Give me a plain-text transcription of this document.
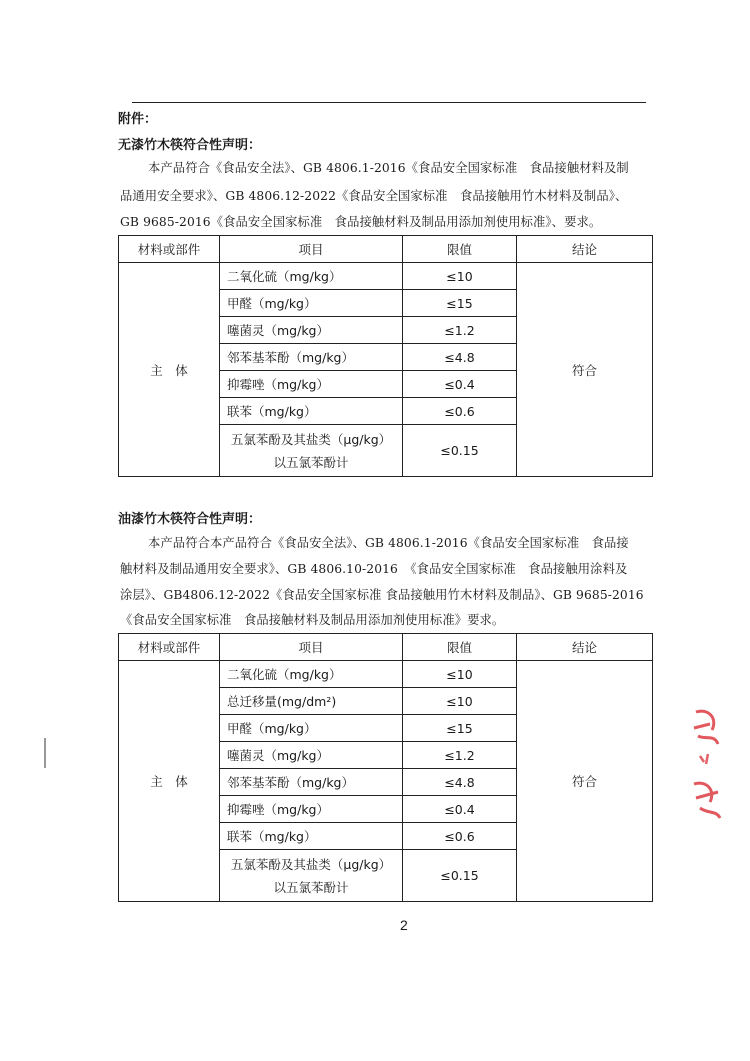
附件：
无漆竹木筷符合性声明：
本产品符合《食品安全法》、GB 4806.1-2016《食品安全国家标准　食品接触材料及制
品通用安全要求》、GB 4806.12-2022《食品安全国家标准　食品接触用竹木材料及制品》、
GB 9685-2016《食品安全国家标准　食品接触材料及制品用添加剂使用标准》、要求。
材料或部件	项目	限值	结论
主　体	二氧化硫（mg/kg）	≤10	符合
	甲醛（mg/kg）	≤15	
	噻菌灵（mg/kg）	≤1.2	
	邻苯基苯酚（mg/kg）	≤4.8	
	抑霉唑（mg/kg）	≤0.4	
	联苯（mg/kg）	≤0.6	

	五氯苯酚及其盐类（μg/kg）
以五氯苯酚计	≤0.15	
油漆竹木筷符合性声明：
本产品符合本产品符合《食品安全法》、GB 4806.1-2016《食品安全国家标准　食品接
触材料及制品通用安全要求》、GB 4806.10-2016　《食品安全国家标准　食品接触用涂料及
涂层》、GB4806.12-2022《食品安全国家标准 食品接触用竹木材料及制品》、GB 9685-2016
《食品安全国家标准　食品接触材料及制品用添加剂使用标准》要求。
材料或部件	项目	限值	结论
主　体	二氧化硫（mg/kg）	≤10	符合
	总迁移量(mg/dm²)	≤10	
	甲醛（mg/kg）	≤15	
	噻菌灵（mg/kg）	≤1.2	
	邻苯基苯酚（mg/kg）	≤4.8	
	抑霉唑（mg/kg）	≤0.4	
	联苯（mg/kg）	≤0.6	

	五氯苯酚及其盐类（μg/kg）
以五氯苯酚计	≤0.15	
2
